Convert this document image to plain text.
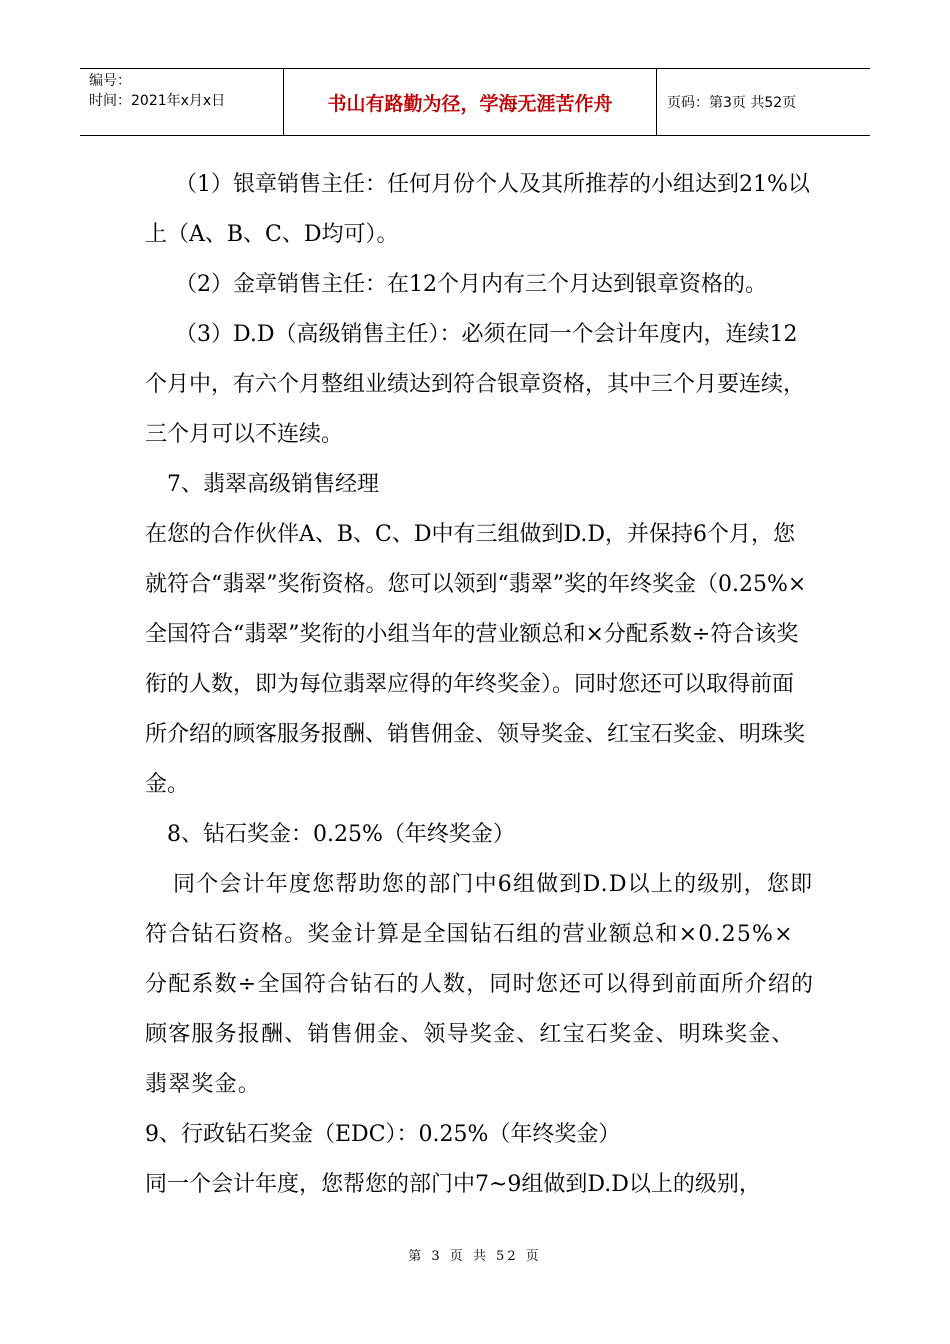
编号：
时间：2021年x月x日	书山有路勤为径，学海无涯苦作舟	页码：第3页 共52页

（1）银章销售主任：任何月份个人及其所推荐的小组达到21%以上（A、B、C、D均可）。

（2）金章销售主任：在12个月内有三个月达到银章资格的。

（3）D.D（高级销售主任）：必须在同一个会计年度内，连续12个月中，有六个月整组业绩达到符合银章资格，其中三个月要连续，三个月可以不连续。

7、翡翠高级销售经理

在您的合作伙伴A、B、C、D中有三组做到D.D，并保持6个月，您就符合“翡翠”奖衔资格。您可以领到“翡翠”奖的年终奖金（0.25%×全国符合“翡翠”奖衔的小组当年的营业额总和×分配系数÷符合该奖衔的人数，即为每位翡翠应得的年终奖金）。同时您还可以取得前面所介绍的顾客服务报酬、销售佣金、领导奖金、红宝石奖金、明珠奖金。

8、钻石奖金：0.25%（年终奖金）

同个会计年度您帮助您的部门中6组做到D.D以上的级别，您即符合钻石资格。奖金计算是全国钻石组的营业额总和×0.25%×分配系数÷全国符合钻石的人数，同时您还可以得到前面所介绍的顾客服务报酬、销售佣金、领导奖金、红宝石奖金、明珠奖金、翡翠奖金。

9、行政钻石奖金（EDC）：0.25%（年终奖金）

同一个会计年度，您帮您的部门中7~9组做到D.D以上的级别，

第 3 页 共 52 页
